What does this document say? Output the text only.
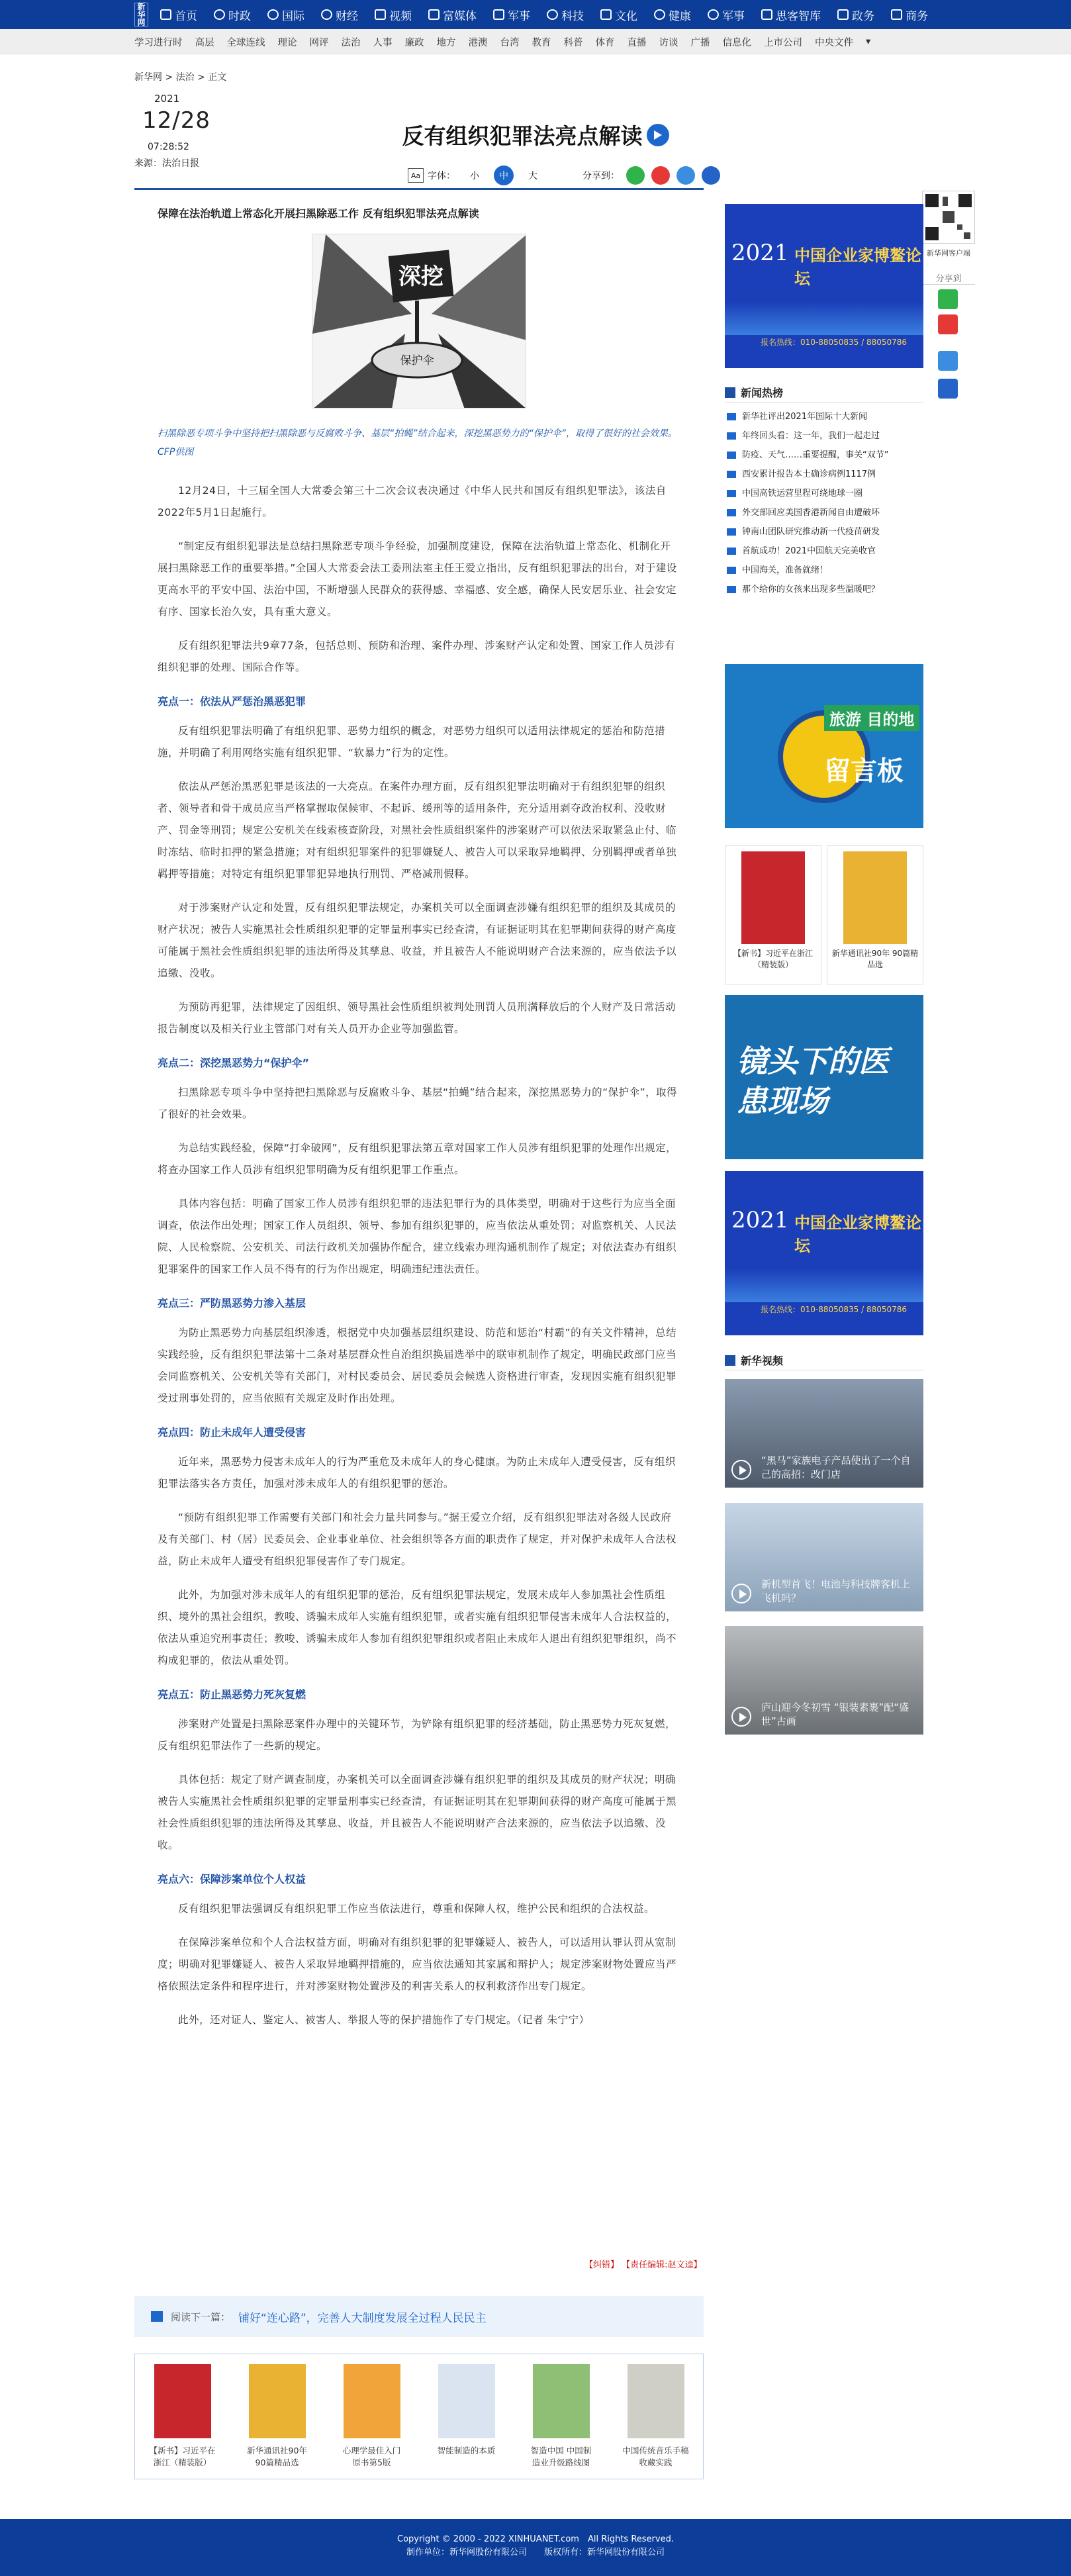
新华网	首页	时政	国际	财经	视频	富媒体	军事	科技	文化	健康	军事	思客智库	政务	商务
学习进行时 高层 全球连线 理论 网评 法治 人事 廉政 地方 港澳 台湾 教育 科普 体育 直播 访谈 广播 信息化 上市公司 中央文件 ▾
新华网 > 法治 > 正文
2021
12/28
07:28:52
来源：法治日报
反有组织犯罪法亮点解读
Aa 字体：	小	中	大	分享到：
保障在法治轨道上常态化开展扫黑除恶工作 反有组织犯罪法亮点解读
深挖
保护伞
扫黑除恶专项斗争中坚持把扫黑除恶与反腐败斗争、基层“拍蝇”结合起来，深挖黑恶势力的“保护伞”，取得了很好的社会效果。 CFP供图

12月24日，十三届全国人大常委会第三十二次会议表决通过《中华人民共和国反有组织犯罪法》，该法自2022年5月1日起施行。

“制定反有组织犯罪法是总结扫黑除恶专项斗争经验，加强制度建设，保障在法治轨道上常态化、机制化开展扫黑除恶工作的重要举措。”全国人大常委会法工委刑法室主任王爱立指出，反有组织犯罪法的出台，对于建设更高水平的平安中国、法治中国，不断增强人民群众的获得感、幸福感、安全感，确保人民安居乐业、社会安定有序、国家长治久安，具有重大意义。

反有组织犯罪法共9章77条，包括总则、预防和治理、案件办理、涉案财产认定和处置、国家工作人员涉有组织犯罪的处理、国际合作等。

亮点一：依法从严惩治黑恶犯罪

反有组织犯罪法明确了有组织犯罪、恶势力组织的概念，对恶势力组织可以适用法律规定的惩治和防范措施，并明确了利用网络实施有组织犯罪、“软暴力”行为的定性。

依法从严惩治黑恶犯罪是该法的一大亮点。在案件办理方面，反有组织犯罪法明确对于有组织犯罪的组织者、领导者和骨干成员应当严格掌握取保候审、不起诉、缓刑等的适用条件，充分适用剥夺政治权利、没收财产、罚金等刑罚；规定公安机关在线索核查阶段，对黑社会性质组织案件的涉案财产可以依法采取紧急止付、临时冻结、临时扣押的紧急措施；对有组织犯罪案件的犯罪嫌疑人、被告人可以采取异地羁押、分别羁押或者单独羁押等措施；对特定有组织犯罪罪犯异地执行刑罚、严格减刑假释。

对于涉案财产认定和处置，反有组织犯罪法规定，办案机关可以全面调查涉嫌有组织犯罪的组织及其成员的财产状况；被告人实施黑社会性质组织犯罪的定罪量刑事实已经查清，有证据证明其在犯罪期间获得的财产高度可能属于黑社会性质组织犯罪的违法所得及其孳息、收益，并且被告人不能说明财产合法来源的，应当依法予以追缴、没收。

为预防再犯罪，法律规定了因组织、领导黑社会性质组织被判处刑罚人员刑满释放后的个人财产及日常活动报告制度以及相关行业主管部门对有关人员开办企业等加强监管。

亮点二：深挖黑恶势力“保护伞”

扫黑除恶专项斗争中坚持把扫黑除恶与反腐败斗争、基层“拍蝇”结合起来，深挖黑恶势力的“保护伞”，取得了很好的社会效果。

为总结实践经验，保障“打伞破网”，反有组织犯罪法第五章对国家工作人员涉有组织犯罪的处理作出规定，将查办国家工作人员涉有组织犯罪明确为反有组织犯罪工作重点。

具体内容包括：明确了国家工作人员涉有组织犯罪的违法犯罪行为的具体类型，明确对于这些行为应当全面调查，依法作出处理；国家工作人员组织、领导、参加有组织犯罪的，应当依法从重处罚；对监察机关、人民法院、人民检察院、公安机关、司法行政机关加强协作配合，建立线索办理沟通机制作了规定；对依法查办有组织犯罪案件的国家工作人员不得有的行为作出规定，明确违纪违法责任。

亮点三：严防黑恶势力渗入基层

为防止黑恶势力向基层组织渗透，根据党中央加强基层组织建设、防范和惩治“村霸”的有关文件精神，总结实践经验，反有组织犯罪法第十二条对基层群众性自治组织换届选举中的联审机制作了规定，明确民政部门应当会同监察机关、公安机关等有关部门，对村民委员会、居民委员会候选人资格进行审查，发现因实施有组织犯罪受过刑事处罚的，应当依照有关规定及时作出处理。

亮点四：防止未成年人遭受侵害

近年来，黑恶势力侵害未成年人的行为严重危及未成年人的身心健康。为防止未成年人遭受侵害，反有组织犯罪法落实各方责任，加强对涉未成年人的有组织犯罪的惩治。

“预防有组织犯罪工作需要有关部门和社会力量共同参与。”据王爱立介绍，反有组织犯罪法对各级人民政府及有关部门、村（居）民委员会、企业事业单位、社会组织等各方面的职责作了规定，并对保护未成年人合法权益，防止未成年人遭受有组织犯罪侵害作了专门规定。

此外，为加强对涉未成年人的有组织犯罪的惩治，反有组织犯罪法规定，发展未成年人参加黑社会性质组织、境外的黑社会组织，教唆、诱骗未成年人实施有组织犯罪，或者实施有组织犯罪侵害未成年人合法权益的，依法从重追究刑事责任；教唆、诱骗未成年人参加有组织犯罪组织或者阻止未成年人退出有组织犯罪组织，尚不构成犯罪的，依法从重处罚。

亮点五：防止黑恶势力死灰复燃

涉案财产处置是扫黑除恶案件办理中的关键环节，为铲除有组织犯罪的经济基础，防止黑恶势力死灰复燃，反有组织犯罪法作了一些新的规定。

具体包括：规定了财产调查制度，办案机关可以全面调查涉嫌有组织犯罪的组织及其成员的财产状况；明确被告人实施黑社会性质组织犯罪的定罪量刑事实已经查清，有证据证明其在犯罪期间获得的财产高度可能属于黑社会性质组织犯罪的违法所得及其孳息、收益，并且被告人不能说明财产合法来源的，应当依法予以追缴、没收。

亮点六：保障涉案单位个人权益

反有组织犯罪法强调反有组织犯罪工作应当依法进行，尊重和保障人权，维护公民和组织的合法权益。

在保障涉案单位和个人合法权益方面，明确对有组织犯罪的犯罪嫌疑人、被告人，可以适用认罪认罚从宽制度；明确对犯罪嫌疑人、被告人采取异地羁押措施的，应当依法通知其家属和辩护人；规定涉案财物处置应当严格依照法定条件和程序进行，并对涉案财物处置涉及的利害关系人的权利救济作出专门规定。

此外，还对证人、鉴定人、被害人、举报人等的保护措施作了专门规定。（记者 朱宁宁）

【纠错】 【责任编辑:赵文逵】
阅读下一篇： 铺好“连心路”，完善人大制度发展全过程人民民主
【新书】习近平在浙江（精装版）
新华通讯社90年 90篇精品选
心理学最佳入门 原书第5版
智能制造的本质	智造中国 中国制造业升级路线图
中国传统音乐手稿收藏实践
新华网客户端
分享到
2021 中国企业家博鳌论坛
报名热线：010-88050835 / 88050786
新闻热榜
新华社评出2021年国际十大新闻
年终回头看：这一年，我们一起走过
防疫、天气……重要提醒，事关“双节”
西安累计报告本土确诊病例1117例
中国高铁运营里程可绕地球一圈
外交部回应美国香港新闻自由遭破坏
钟南山团队研究推动新一代疫苗研发
首航成功！2021中国航天完美收官
中国海关，准备就绪！
那个给你的女孩来出现多些温暖吧？
旅游 目的地
留言板
【新书】习近平在浙江（精装版）
新华通讯社90年 90篇精品选
镜头下的医患现场
2021 中国企业家博鳌论坛
报名热线：010-88050835 / 88050786
新华视频
“黑马”家族电子产品使出了一个自己的高招：改门店
新机型首飞！电池与科技牌客机上飞机吗？
庐山迎今冬初雪 “银装素裹”配“盛世”古画
Copyright © 2000 - 2022 XINHUANET.com　All Rights Reserved.
制作单位：新华网股份有限公司　　版权所有：新华网股份有限公司
